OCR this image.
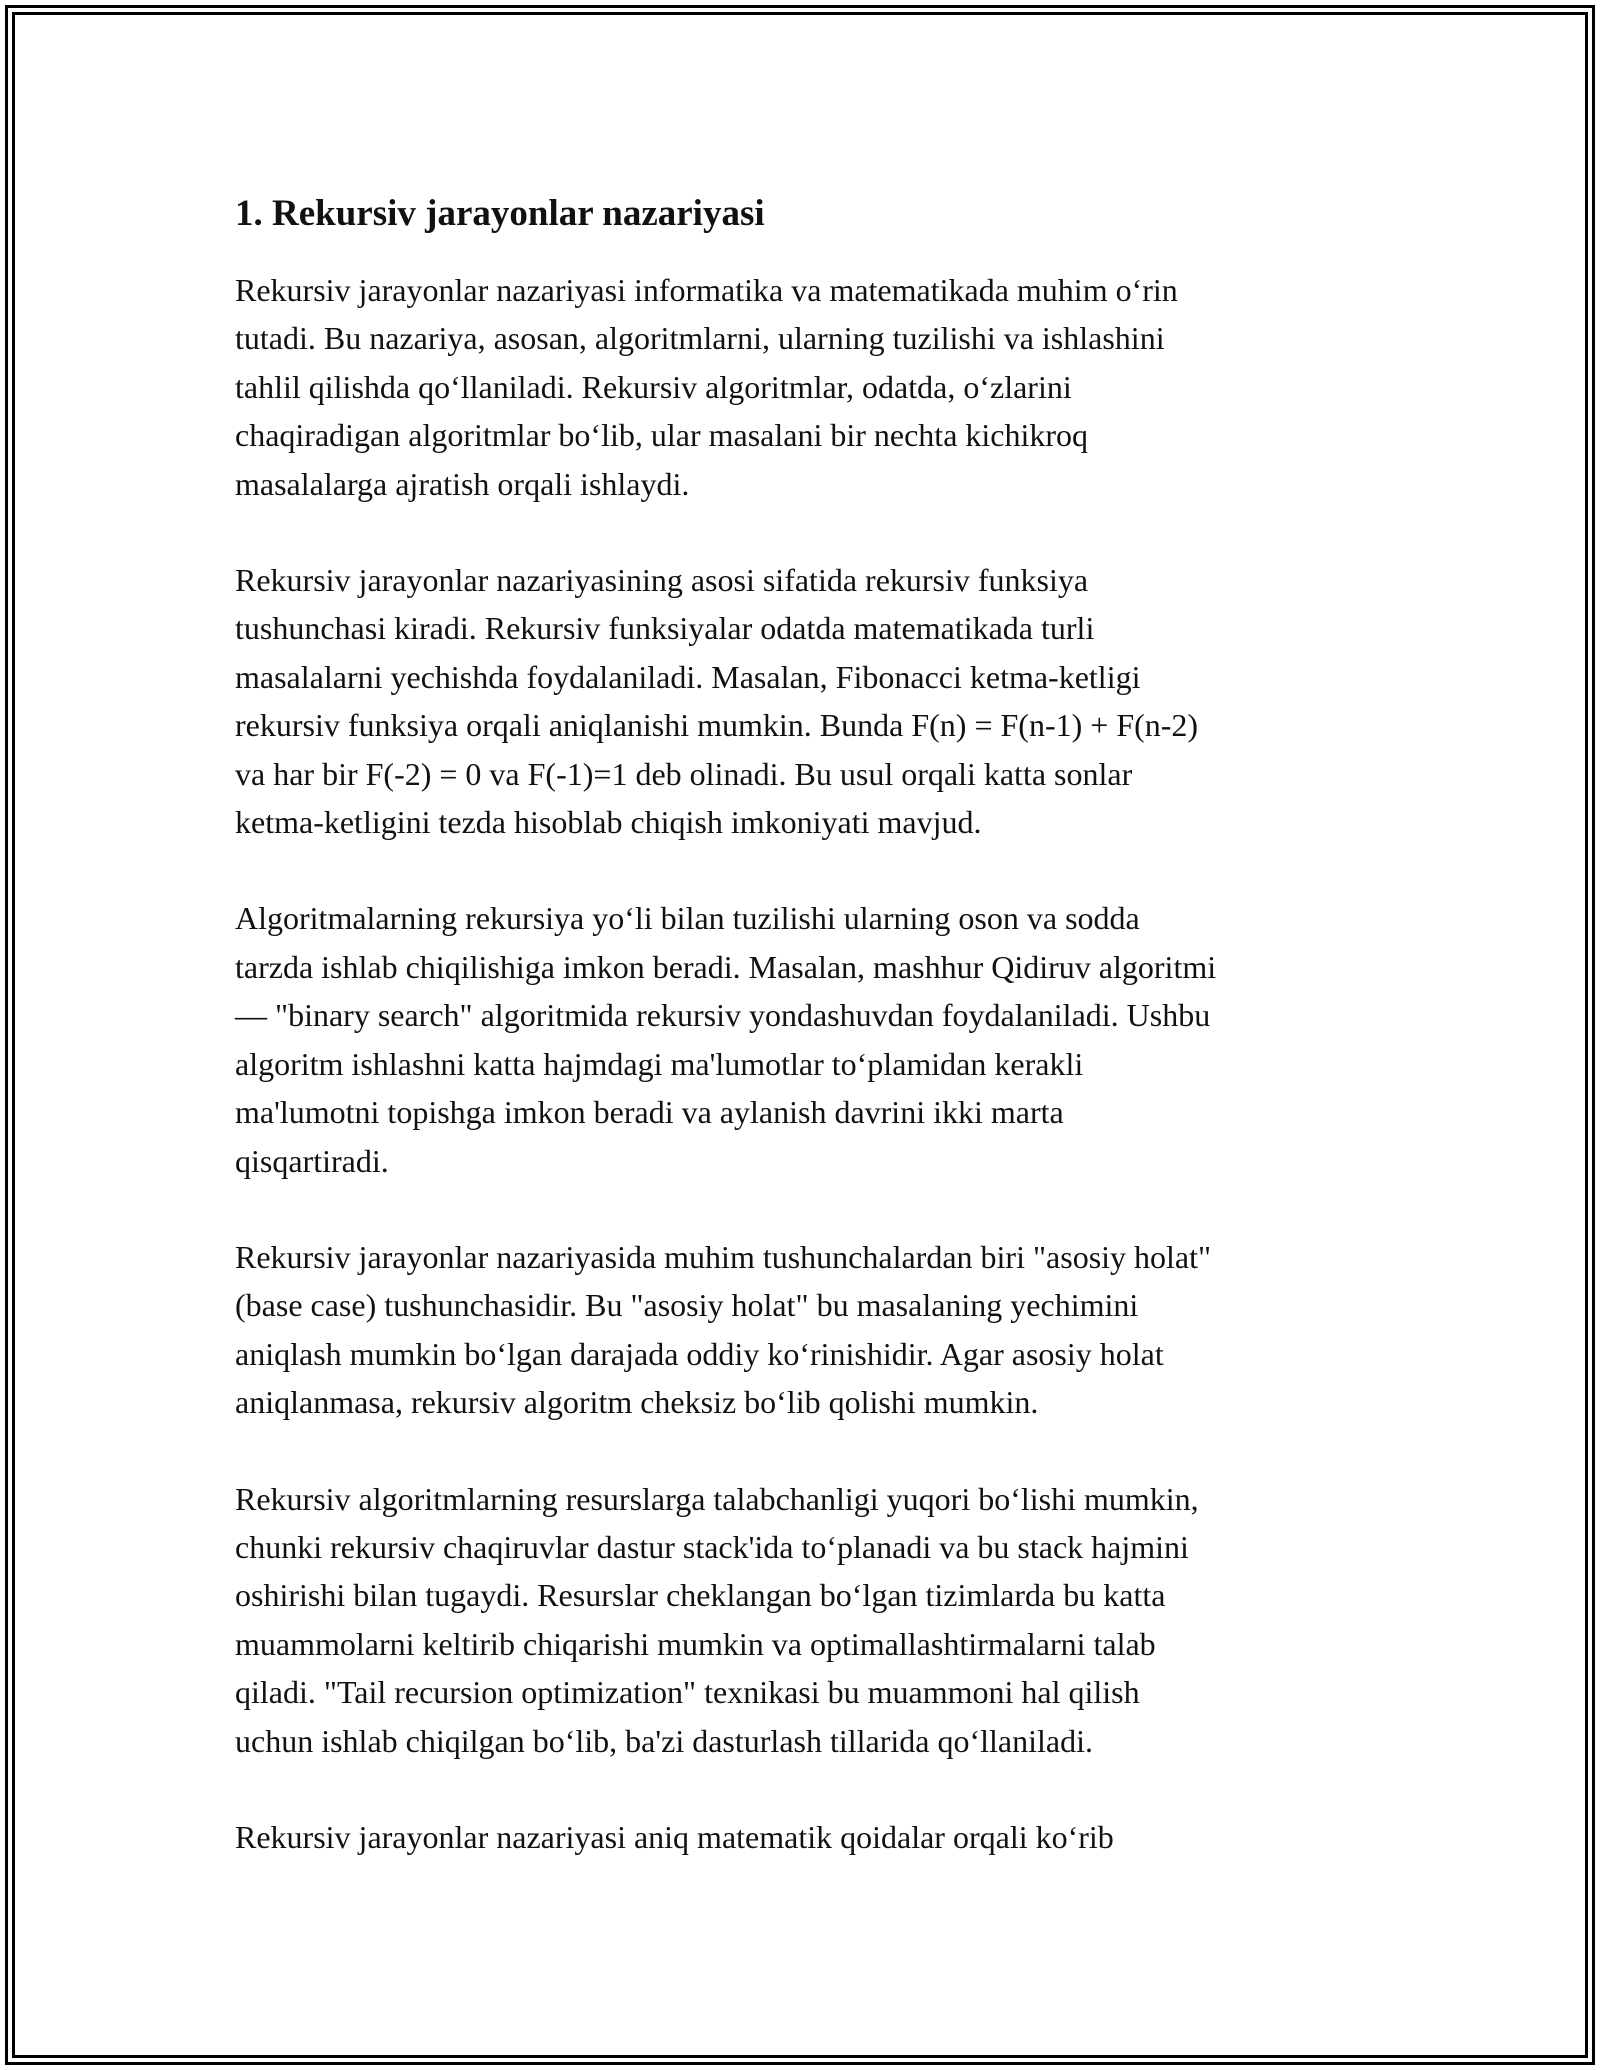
1. Rekursiv jarayonlar nazariyasi

Rekursiv jarayonlar nazariyasi informatika va matematikada muhim o‘rin
tutadi. Bu nazariya, asosan, algoritmlarni, ularning tuzilishi va ishlashini
tahlil qilishda qo‘llaniladi. Rekursiv algoritmlar, odatda, o‘zlarini
chaqiradigan algoritmlar bo‘lib, ular masalani bir nechta kichikroq
masalalarga ajratish orqali ishlaydi.

Rekursiv jarayonlar nazariyasining asosi sifatida rekursiv funksiya
tushunchasi kiradi. Rekursiv funksiyalar odatda matematikada turli
masalalarni yechishda foydalaniladi. Masalan, Fibonacci ketma-ketligi
rekursiv funksiya orqali aniqlanishi mumkin. Bunda F(n) = F(n-1) + F(n-2)
va har bir F(-2) = 0 va F(-1)=1 deb olinadi. Bu usul orqali katta sonlar
ketma-ketligini tezda hisoblab chiqish imkoniyati mavjud.

Algoritmalarning rekursiya yo‘li bilan tuzilishi ularning oson va sodda
tarzda ishlab chiqilishiga imkon beradi. Masalan, mashhur Qidiruv algoritmi
— "binary search" algoritmida rekursiv yondashuvdan foydalaniladi. Ushbu
algoritm ishlashni katta hajmdagi ma'lumotlar to‘plamidan kerakli
ma'lumotni topishga imkon beradi va aylanish davrini ikki marta
qisqartiradi.

Rekursiv jarayonlar nazariyasida muhim tushunchalardan biri "asosiy holat"
(base case) tushunchasidir. Bu "asosiy holat" bu masalaning yechimini
aniqlash mumkin bo‘lgan darajada oddiy ko‘rinishidir. Agar asosiy holat
aniqlanmasa, rekursiv algoritm cheksiz bo‘lib qolishi mumkin.

Rekursiv algoritmlarning resurslarga talabchanligi yuqori bo‘lishi mumkin,
chunki rekursiv chaqiruvlar dastur stack'ida to‘planadi va bu stack hajmini
oshirishi bilan tugaydi. Resurslar cheklangan bo‘lgan tizimlarda bu katta
muammolarni keltirib chiqarishi mumkin va optimallashtirmalarni talab
qiladi. "Tail recursion optimization" texnikasi bu muammoni hal qilish
uchun ishlab chiqilgan bo‘lib, ba'zi dasturlash tillarida qo‘llaniladi.

Rekursiv jarayonlar nazariyasi aniq matematik qoidalar orqali ko‘rib
